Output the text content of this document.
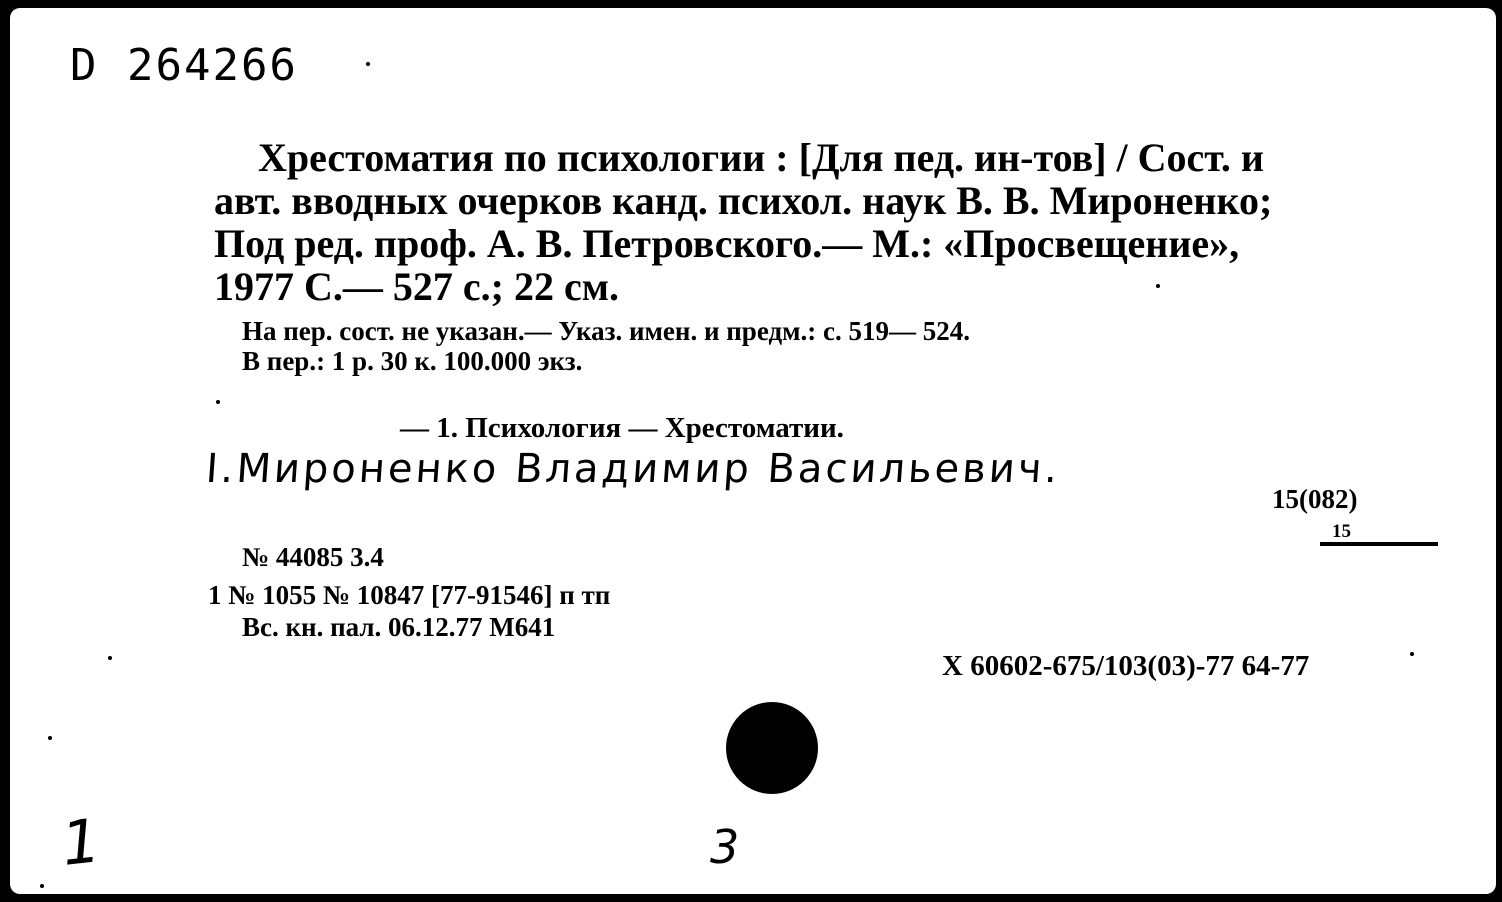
D 264266
Хрестоматия по психологии : [Для пед. ин-тов] / Сост. и
авт. вводных очерков канд. психол. наук В. В. Мироненко;
Под ред. проф. А. В. Петровского.— М.: «Просвещение»,
1977 С.— 527 с.; 22 см.
На пер. сост. не указан.— Указ. имен. и предм.: с. 519— 524.
В пер.: 1 р. 30 к. 100.000 экз.
— 1. Психология — Хрестоматии.
I.Мироненко Владимир Васильевич.
15(082)
15
№ 44085 3.4
1 № 1055 № 10847 [77-91546] п тп
Вс. кн. пал. 06.12.77 М641
Х 60602-675/103(03)-77 64-77
1	3
